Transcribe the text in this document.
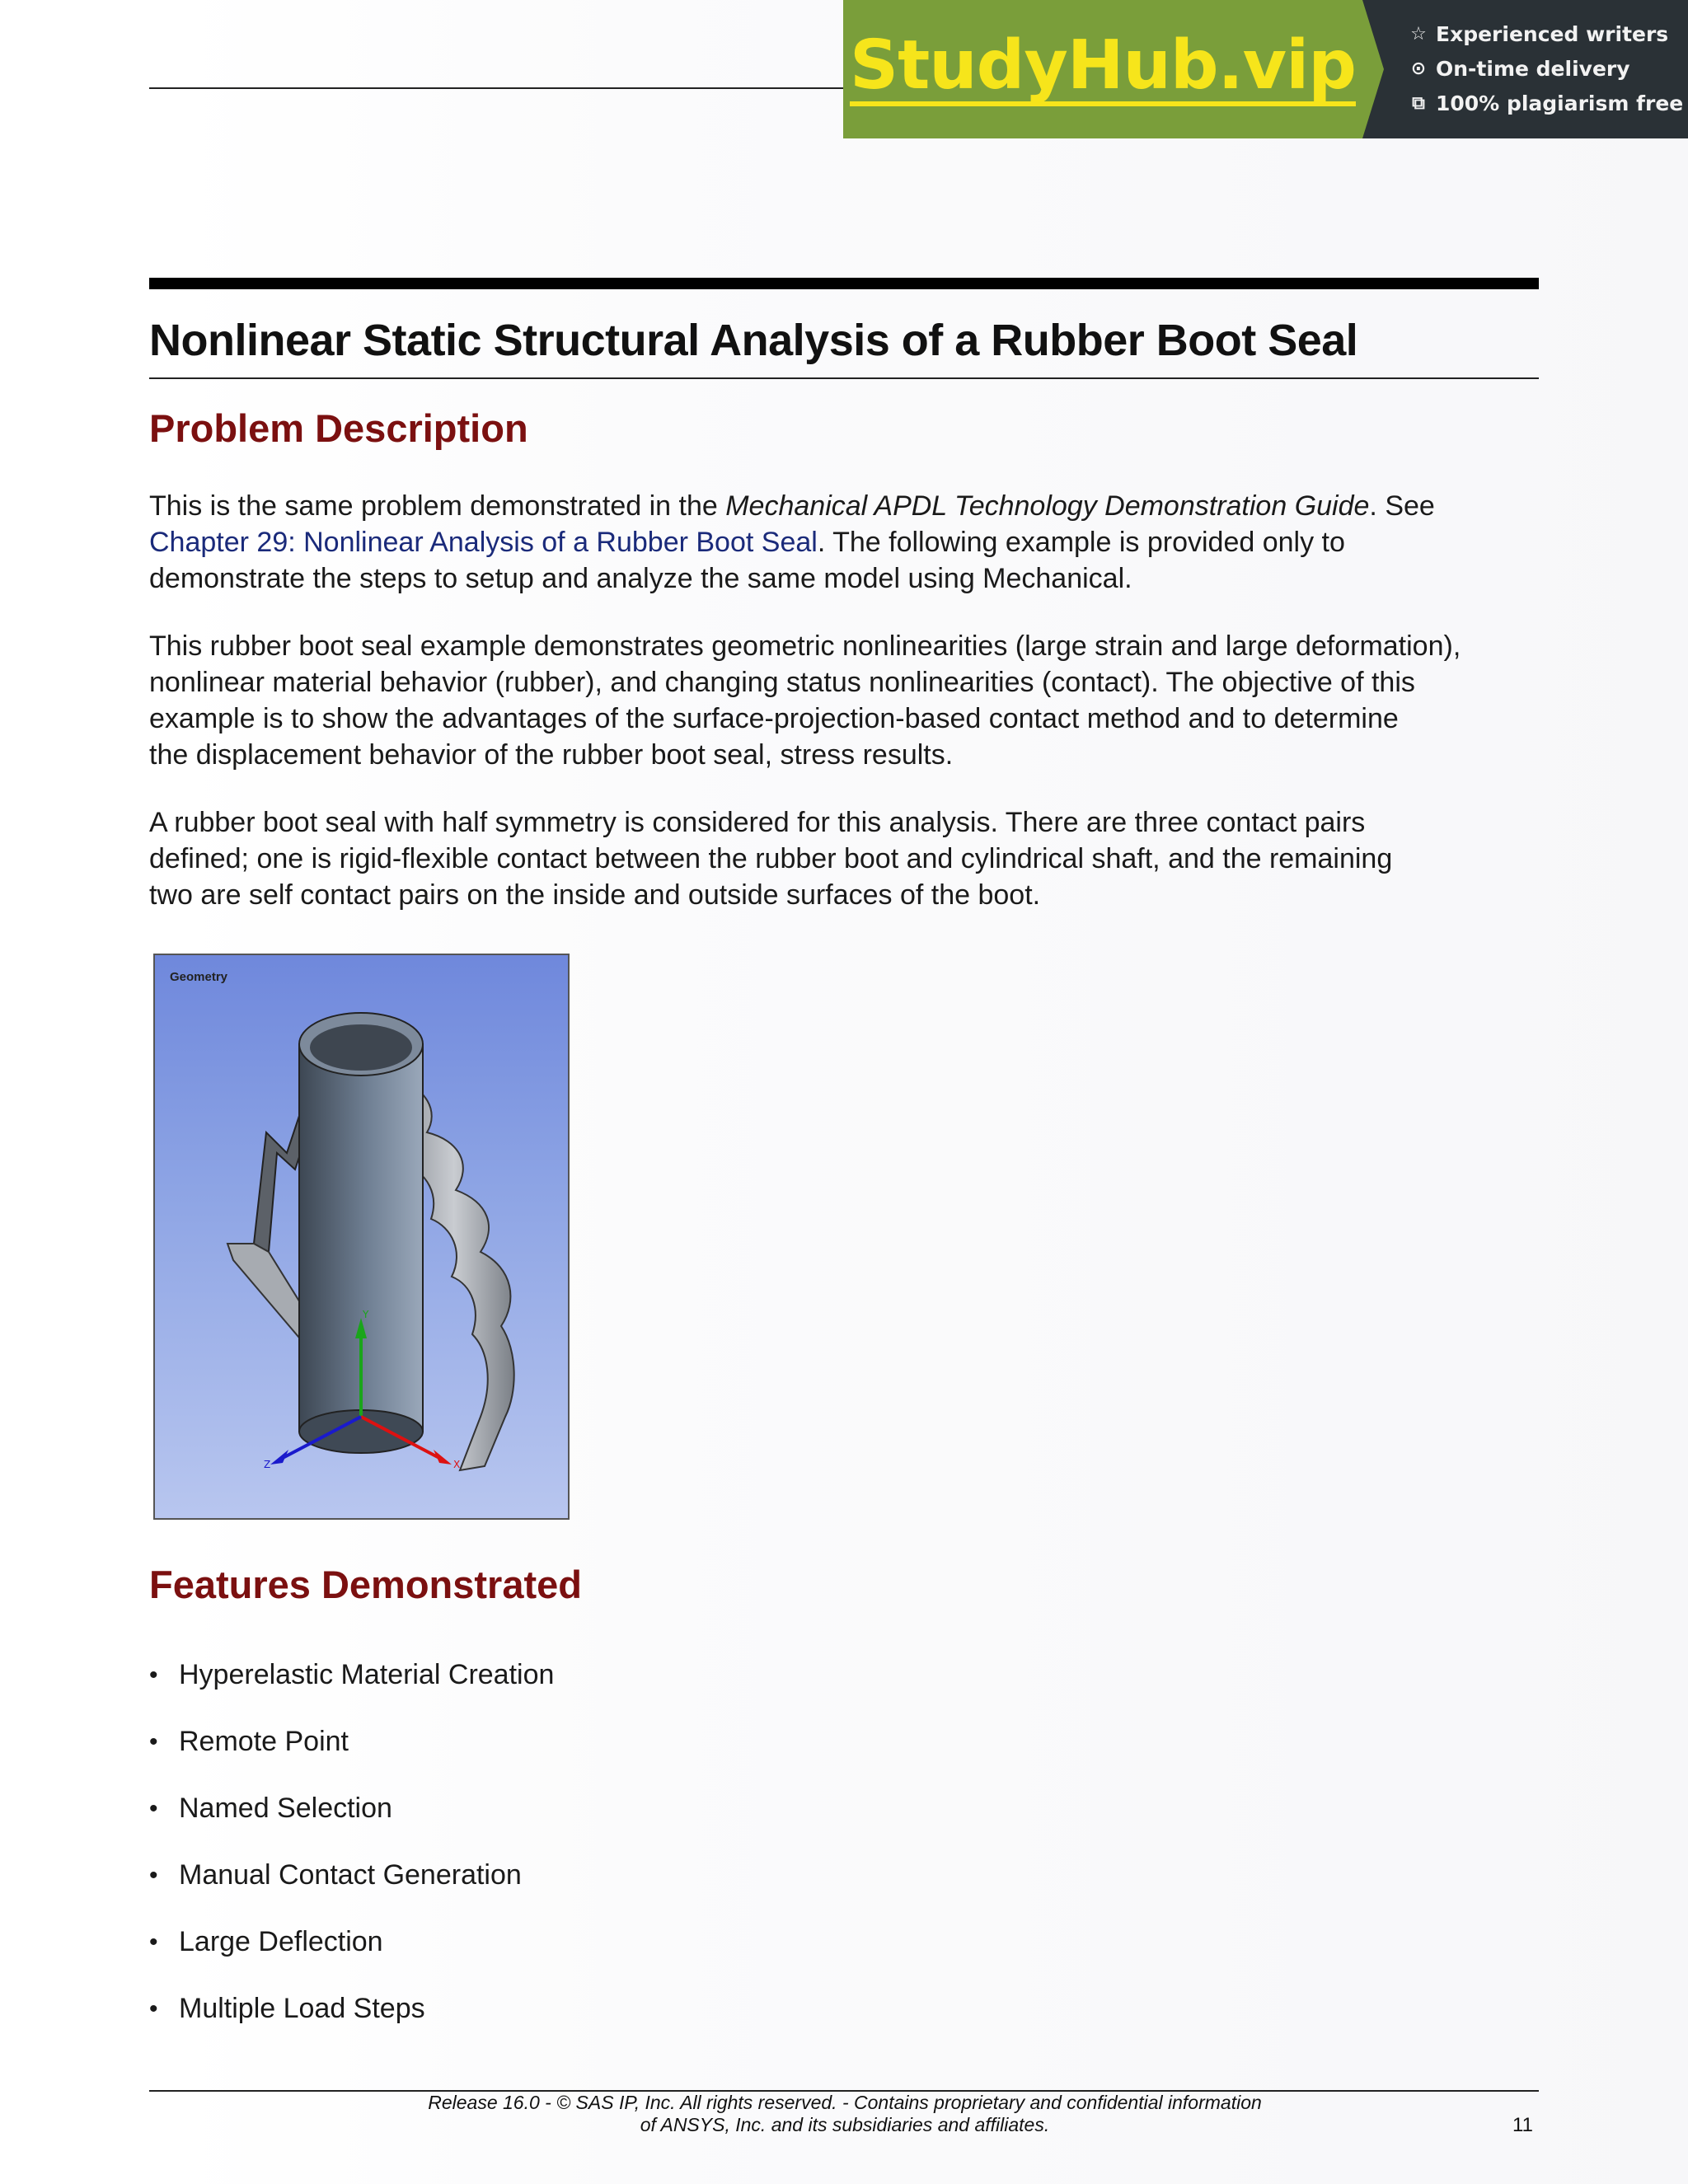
StudyHub.vip	☆ Experienced writers
⊙ On-time delivery
⧉ 100% plagiarism free
Nonlinear Static Structural Analysis of a Rubber Boot Seal
Problem Description

This is the same problem demonstrated in the Mechanical APDL Technology Demonstration Guide. See
Chapter 29: Nonlinear Analysis of a Rubber Boot Seal. The following example is provided only to
demonstrate the steps to setup and analyze the same model using Mechanical.

This rubber boot seal example demonstrates geometric nonlinearities (large strain and large deformation),
nonlinear material behavior (rubber), and changing status nonlinearities (contact). The objective of this
example is to show the advantages of the surface-projection-based contact method and to determine
the displacement behavior of the rubber boot seal, stress results.

A rubber boot seal with half symmetry is considered for this analysis. There are three contact pairs
defined; one is rigid-flexible contact between the rubber boot and cylindrical shaft, and the remaining
two are self contact pairs on the inside and outside surfaces of the boot.

Geometry
Y
X
Z
Features Demonstrated
• Hyperelastic Material Creation
• Remote Point
• Named Selection
• Manual Contact Generation
• Large Deflection
• Multiple Load Steps
Release 16.0 - © SAS IP, Inc. All rights reserved. - Contains proprietary and confidential information
of ANSYS, Inc. and its subsidiaries and affiliates.	11
